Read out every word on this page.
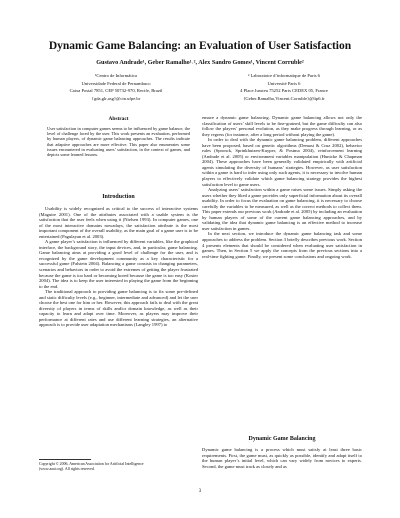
Dynamic Game Balancing: an Evaluation of User Satisfaction
Gustavo Andrade¹, Geber Ramalho¹˒², Alex Sandro Gomes¹, Vincent Corruble²
¹Centro de Informática
Universidade Federal de Pernambuco
Caixa Postal 7851, CEP 50732-970, Recife, Brazil
{gda,glr,asg}@cin.ufpe.br
² Laboratoire d’informatique de Paris 6
Université Paris 6
4 Place Jussieu 75252 Paris CEDEX 05, France
{Geber.Ramalho,Vincent.Corruble}@lip6.fr
Abstract
User satisfaction in computer games seems to be influenced by game balance, the level of challenge faced by the user. This work presents an evaluation, performed by human players, of dynamic game balancing approaches. The results indicate that adaptive approaches are more effective. This paper also enumerates some issues encountered in evaluating users’ satisfaction, in the context of games, and depicts some learned lessons.
Introduction

Usability is widely recognized as critical to the success of interactive systems (Maguire 2001). One of the attributes associated with a usable system is the satisfaction that the user feels when using it (Nielsen 1993). In computer games, one of the most interactive domains nowadays, the satisfaction attribute is the most important component of the overall usability, as the main goal of a game user is to be entertained (Pagulayan et al. 2003).

A game player’s satisfaction is influenced by different variables, like the graphical interface, the background story, the input devices, and, in particular, game balancing. Game balancing aims at providing a good level of challenge for the user, and is recognized by the game development community as a key characteristic for a successful game (Falstein 2004). Balancing a game consists in changing parameters, scenarios and behaviors in order to avoid the extremes of getting the player frustrated because the game is too hard or becoming bored because the game is too easy (Koster 2004). The idea is to keep the user interested in playing the game from the beginning to the end.

The traditional approach to providing game balancing is to fix some pre-defined and static difficulty levels (e.g., beginner, intermediate and advanced) and let the user choose the best one for him or her. However, this approach fails to deal with the great diversity of players in terms of skills and/or domain knowledge, as well as their capacity to learn and adapt over time. Moreover, as players may improve their performance at different rates and use different learning strategies, an alternative approach is to provide user adaptation mechanisms (Langley 1997) to

ensure a dynamic game balancing. Dynamic game balancing allows not only the classification of users’ skill levels to be fine-grained, but the game difficulty can also follow the players’ personal evolution, as they make progress through learning, or as they regress (for instance, after a long period without playing the game).

In order to deal with the dynamic game balancing problem, different approaches have been proposed, based on genetic algorithms (Demasi & Cruz 2002), behavior rules (Spronck, Sprinkhuizen-Kuyper, & Postma 2004), reinforcement learning (Andrade et al. 2005) or environment variables manipulation (Hunicke & Chapman 2004). These approaches have been generally validated empirically with artificial agents simulating the diversity of humans’ strategies. However, as user satisfaction within a game is hard to infer using only such agents, it is necessary to involve human players to effectively validate which game balancing strategy provides the highest satisfaction level to game users.

Analyzing users’ satisfaction within a game raises some issues. Simply asking the users whether they liked a game provides only superficial information about its overall usability. In order to focus the evaluation on game balancing, it is necessary to choose carefully the variables to be measured, as well as the correct methods to collect them. This paper extends our previous work (Andrade et al. 2005) by including an evaluation by human players of some of the current game balancing approaches, and by validating the idea that dynamic game balancing is an effective method to increase user satisfaction in games.

In the next section, we introduce the dynamic game balancing task and some approaches to address the problem. Section 3 briefly describes previous work. Section 4 presents elements that should be considered when evaluating user satisfaction in games. Then, in Section 5 we apply the concepts from the previous sections into a real-time fighting game. Finally, we present some conclusions and ongoing work.

Dynamic Game Balancing

Dynamic game balancing is a process which must satisfy at least three basic requirements. First, the game must, as quickly as possible, identify and adapt itself to the human player’s initial level, which can vary widely from novices to experts. Second, the game must track as closely and as

Copyright © 2006, American Association for Artificial Intelligence
(www.aaai.org). All rights reserved.
3
